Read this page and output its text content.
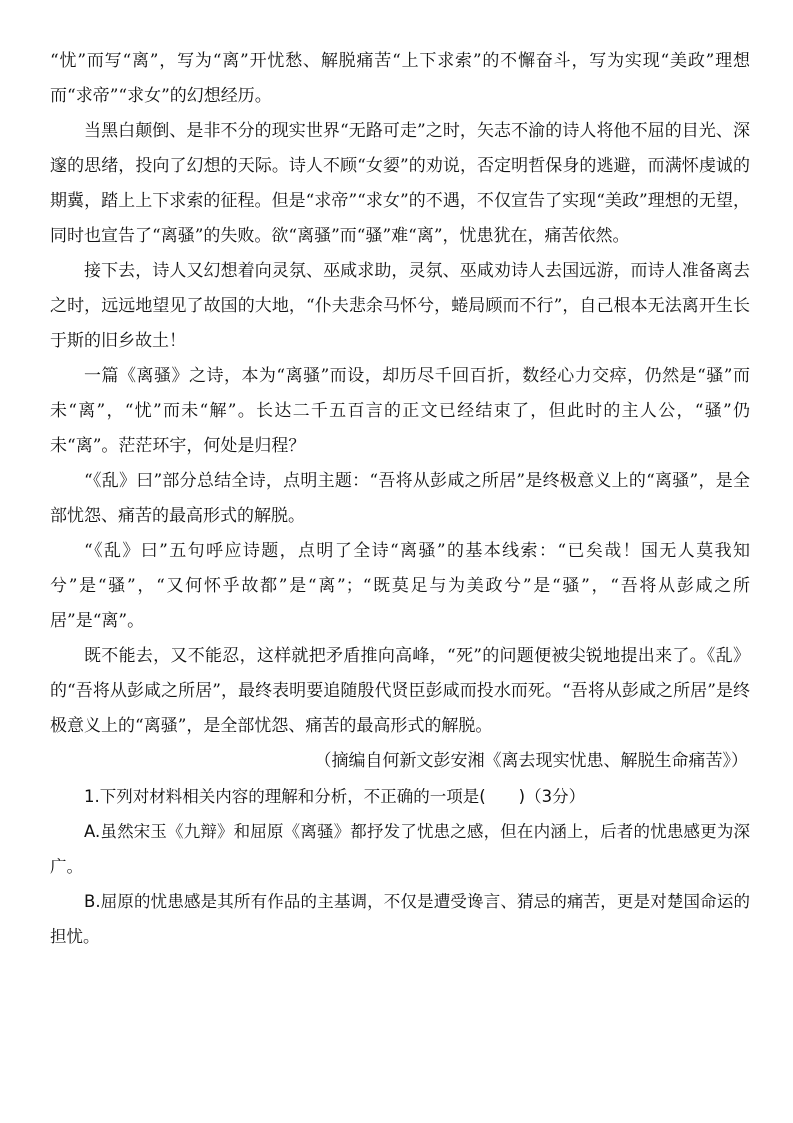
“忧”而写“离”，写为“离”开忧愁、解脱痛苦“上下求索”的不懈奋斗，写为实现“美政”理想而“求帝”“求女”的幻想经历。

当黑白颠倒、是非不分的现实世界“无路可走”之时，矢志不渝的诗人将他不屈的目光、深邃的思绪，投向了幻想的天际。诗人不顾“女媭”的劝说，否定明哲保身的逃避，而满怀虔诚的期冀，踏上上下求索的征程。但是“求帝”“求女”的不遇，不仅宣告了实现“美政”理想的无望，同时也宣告了“离骚”的失败。欲“离骚”而“骚”难“离”，忧患犹在，痛苦依然。

接下去，诗人又幻想着向灵氛、巫咸求助，灵氛、巫咸劝诗人去国远游，而诗人准备离去之时，远远地望见了故国的大地，“仆夫悲余马怀兮，蜷局顾而不行”，自己根本无法离开生长于斯的旧乡故土！

一篇《离骚》之诗，本为“离骚”而设，却历尽千回百折，数经心力交瘁，仍然是“骚”而未“离”，“忧”而未“解”。长达二千五百言的正文已经结束了，但此时的主人公，“骚”仍未“离”。茫茫环宇，何处是归程？

“《乱》曰”部分总结全诗，点明主题：“吾将从彭咸之所居”是终极意义上的“离骚”，是全部忧怨、痛苦的最高形式的解脱。

“《乱》曰”五句呼应诗题，点明了全诗“离骚”的基本线索：“已矣哉！国无人莫我知兮”是“骚”，“又何怀乎故都”是“离”；“既莫足与为美政兮”是“骚”，“吾将从彭咸之所居”是“离”。

既不能去，又不能忍，这样就把矛盾推向高峰，“死”的问题便被尖锐地提出来了。《乱》的“吾将从彭咸之所居”，最终表明要追随殷代贤臣彭咸而投水而死。“吾将从彭咸之所居”是终极意义上的“离骚”，是全部忧怨、痛苦的最高形式的解脱。

（摘编自何新文彭安湘《离去现实忧患、解脱生命痛苦》）

1.下列对材料相关内容的理解和分析，不正确的一项是(　　)（3分）

A.虽然宋玉《九辩》和屈原《离骚》都抒发了忧患之感，但在内涵上，后者的忧患感更为深广。

B.屈原的忧患感是其所有作品的主基调，不仅是遭受谗言、猜忌的痛苦，更是对楚国命运的担忧。
